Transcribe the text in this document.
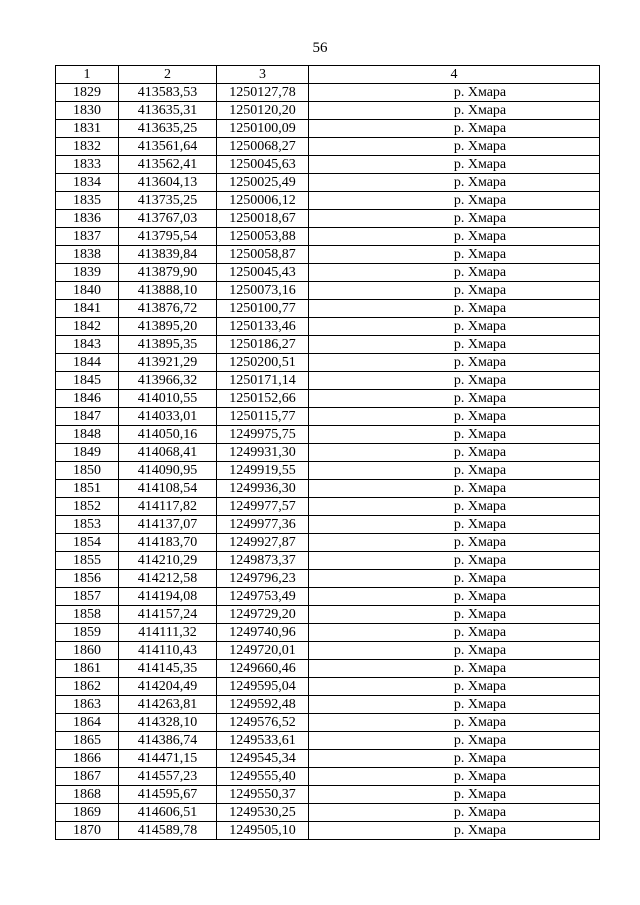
56
1	2	3	4
1829	413583,53	1250127,78	р. Хмара
1830	413635,31	1250120,20	р. Хмара
1831	413635,25	1250100,09	р. Хмара
1832	413561,64	1250068,27	р. Хмара
1833	413562,41	1250045,63	р. Хмара
1834	413604,13	1250025,49	р. Хмара
1835	413735,25	1250006,12	р. Хмара
1836	413767,03	1250018,67	р. Хмара
1837	413795,54	1250053,88	р. Хмара
1838	413839,84	1250058,87	р. Хмара
1839	413879,90	1250045,43	р. Хмара
1840	413888,10	1250073,16	р. Хмара
1841	413876,72	1250100,77	р. Хмара
1842	413895,20	1250133,46	р. Хмара
1843	413895,35	1250186,27	р. Хмара
1844	413921,29	1250200,51	р. Хмара
1845	413966,32	1250171,14	р. Хмара
1846	414010,55	1250152,66	р. Хмара
1847	414033,01	1250115,77	р. Хмара
1848	414050,16	1249975,75	р. Хмара
1849	414068,41	1249931,30	р. Хмара
1850	414090,95	1249919,55	р. Хмара
1851	414108,54	1249936,30	р. Хмара
1852	414117,82	1249977,57	р. Хмара
1853	414137,07	1249977,36	р. Хмара
1854	414183,70	1249927,87	р. Хмара
1855	414210,29	1249873,37	р. Хмара
1856	414212,58	1249796,23	р. Хмара
1857	414194,08	1249753,49	р. Хмара
1858	414157,24	1249729,20	р. Хмара
1859	414111,32	1249740,96	р. Хмара
1860	414110,43	1249720,01	р. Хмара
1861	414145,35	1249660,46	р. Хмара
1862	414204,49	1249595,04	р. Хмара
1863	414263,81	1249592,48	р. Хмара
1864	414328,10	1249576,52	р. Хмара
1865	414386,74	1249533,61	р. Хмара
1866	414471,15	1249545,34	р. Хмара
1867	414557,23	1249555,40	р. Хмара
1868	414595,67	1249550,37	р. Хмара
1869	414606,51	1249530,25	р. Хмара
1870	414589,78	1249505,10	р. Хмара
